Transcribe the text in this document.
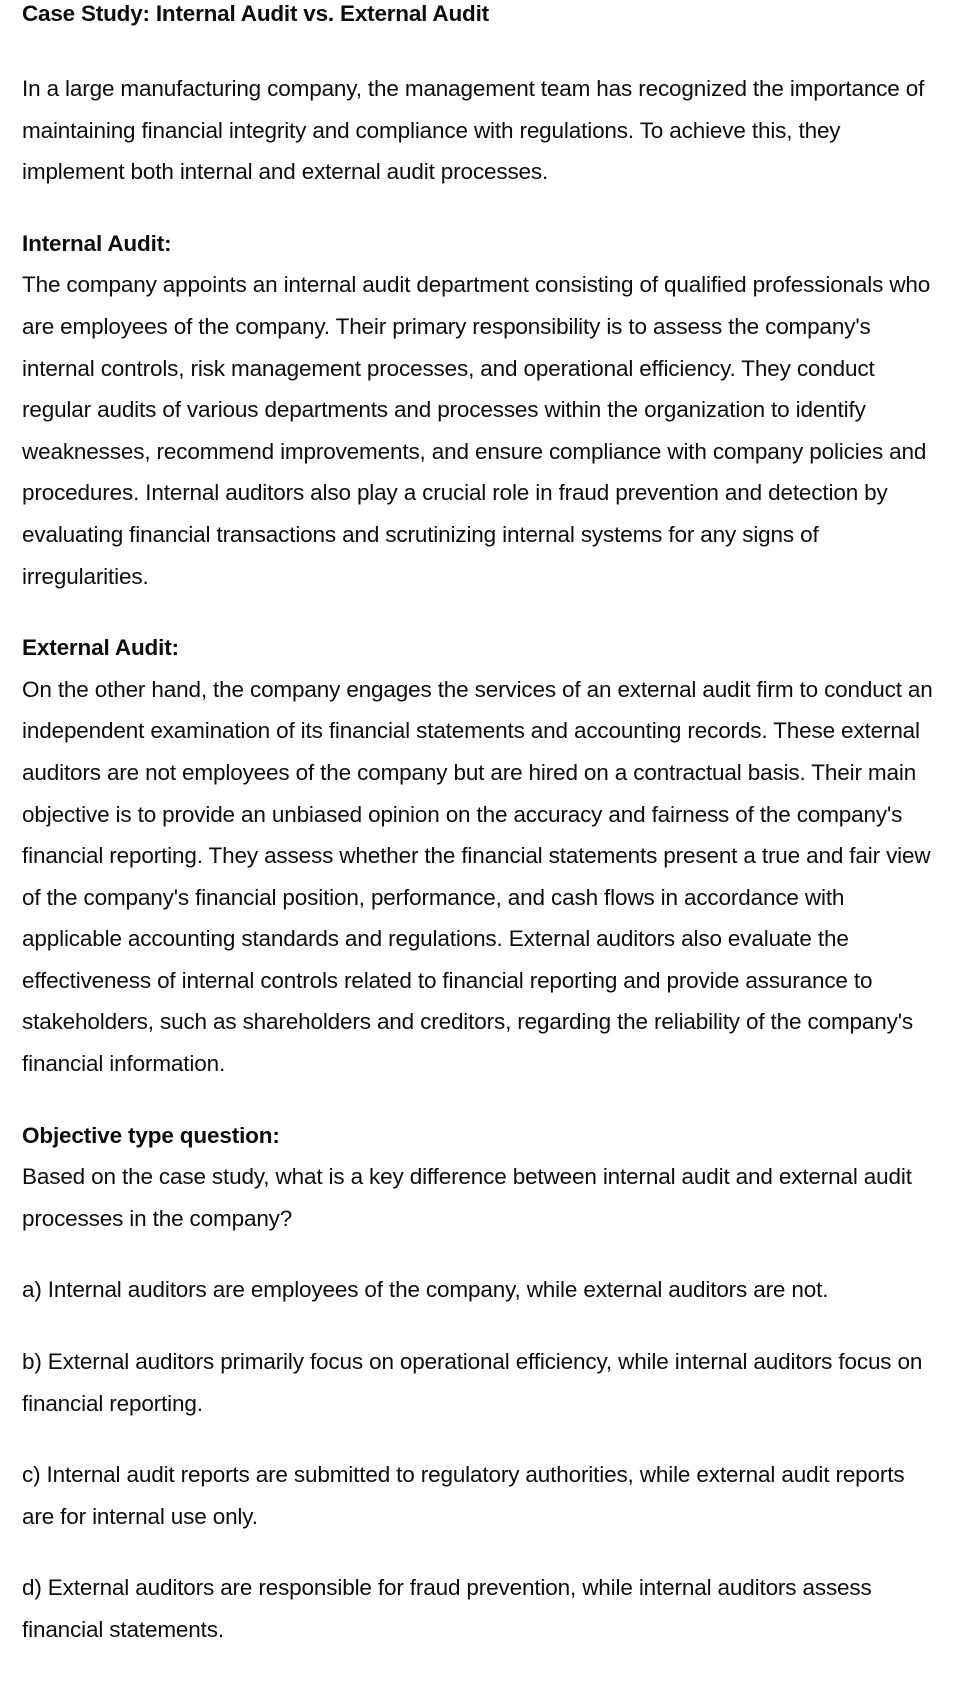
Case Study: Internal Audit vs. External Audit

In a large manufacturing company, the management team has recognized the importance of maintaining financial integrity and compliance with regulations. To achieve this, they implement both internal and external audit processes.

Internal Audit:

The company appoints an internal audit department consisting of qualified professionals who are employees of the company. Their primary responsibility is to assess the company's internal controls, risk management processes, and operational efficiency. They conduct regular audits of various departments and processes within the organization to identify weaknesses, recommend improvements, and ensure compliance with company policies and procedures. Internal auditors also play a crucial role in fraud prevention and detection by evaluating financial transactions and scrutinizing internal systems for any signs of irregularities.

External Audit:

On the other hand, the company engages the services of an external audit firm to conduct an independent examination of its financial statements and accounting records. These external auditors are not employees of the company but are hired on a contractual basis. Their main objective is to provide an unbiased opinion on the accuracy and fairness of the company's financial reporting. They assess whether the financial statements present a true and fair view of the company's financial position, performance, and cash flows in accordance with applicable accounting standards and regulations. External auditors also evaluate the effectiveness of internal controls related to financial reporting and provide assurance to stakeholders, such as shareholders and creditors, regarding the reliability of the company's financial information.

Objective type question:

Based on the case study, what is a key difference between internal audit and external audit processes in the company?

a) Internal auditors are employees of the company, while external auditors are not.

b) External auditors primarily focus on operational efficiency, while internal auditors focus on financial reporting.

c) Internal audit reports are submitted to regulatory authorities, while external audit reports are for internal use only.

d) External auditors are responsible for fraud prevention, while internal auditors assess financial statements.
